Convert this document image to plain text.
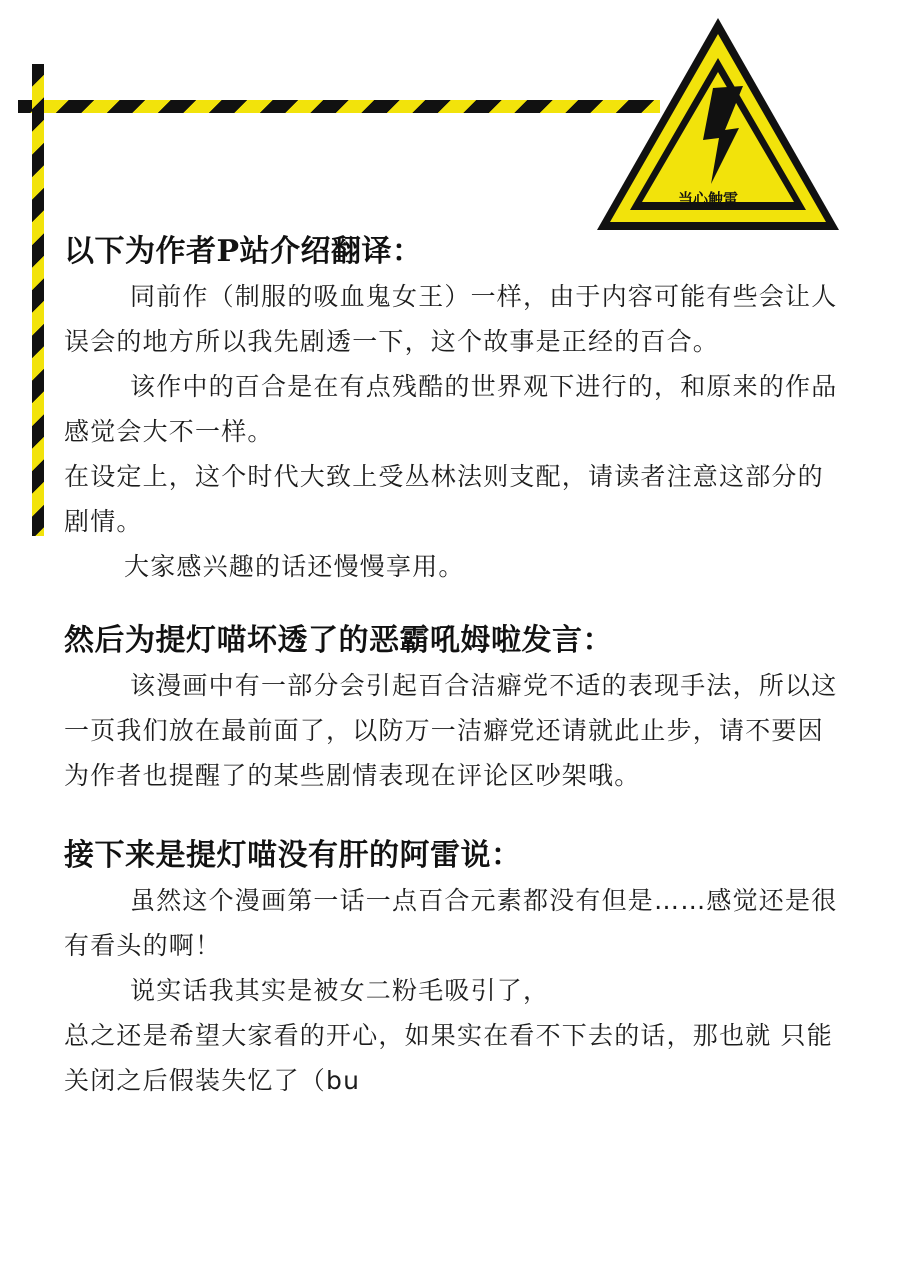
当心触雷
以下为作者P站介绍翻译：

同前作（制服的吸血鬼女王）一样，由于内容可能有些会让人误会的地方所以我先剧透一下，这个故事是正经的百合。

该作中的百合是在有点残酷的世界观下进行的，和原来的作品感觉会大不一样。

在设定上，这个时代大致上受丛林法则支配，请读者注意这部分的剧情。

大家感兴趣的话还慢慢享用。

然后为提灯喵坏透了的恶霸吼姆啦发言：

该漫画中有一部分会引起百合洁癖党不适的表现手法，所以这一页我们放在最前面了，以防万一洁癖党还请就此止步，请不要因为作者也提醒了的某些剧情表现在评论区吵架哦。

接下来是提灯喵没有肝的阿雷说：

虽然这个漫画第一话一点百合元素都没有但是……感觉还是很有看头的啊！

说实话我其实是被女二粉毛吸引了，

总之还是希望大家看的开心，如果实在看不下去的话，那也就 只能关闭之后假装失忆了（bu
